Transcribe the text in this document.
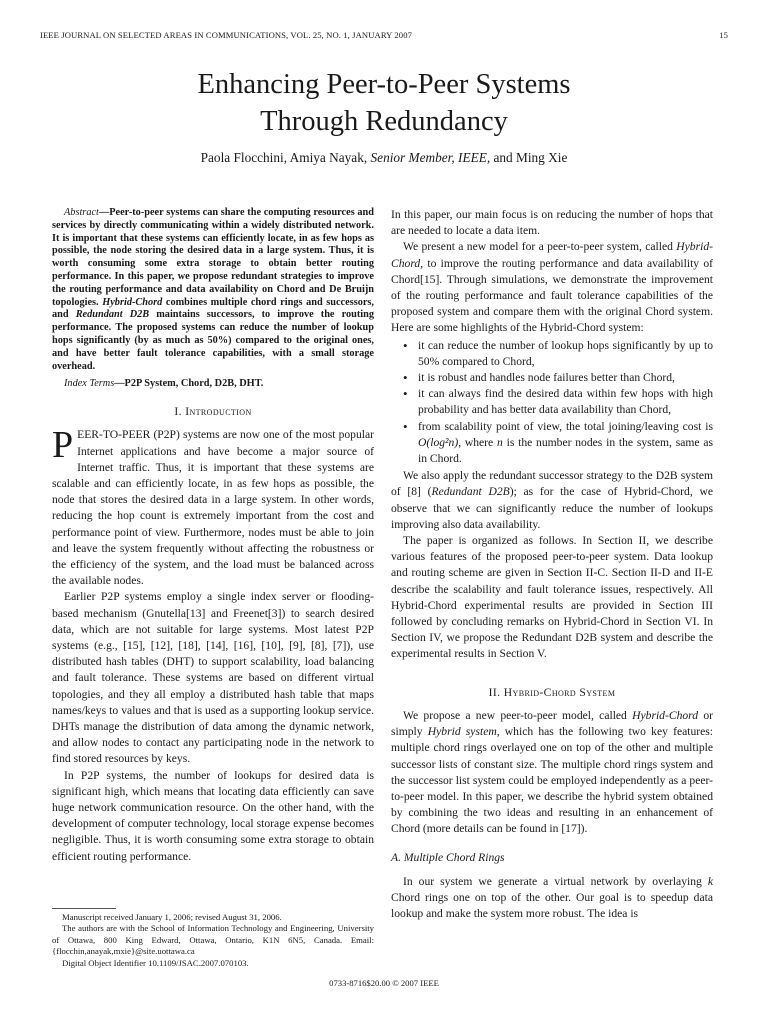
IEEE JOURNAL ON SELECTED AREAS IN COMMUNICATIONS, VOL. 25, NO. 1, JANUARY 2007	15
Enhancing Peer-to-Peer Systems
Through Redundancy
Paola Flocchini, Amiya Nayak, Senior Member, IEEE, and Ming Xie

Abstract—Peer-to-peer systems can share the computing resources and services by directly communicating within a widely distributed network. It is important that these systems can efficiently locate, in as few hops as possible, the node storing the desired data in a large system. Thus, it is worth consuming some extra storage to obtain better routing performance. In this paper, we propose redundant strategies to improve the routing performance and data availability on Chord and De Bruijn topologies. Hybrid-Chord combines multiple chord rings and successors, and Redundant D2B maintains successors, to improve the routing performance. The proposed systems can reduce the number of lookup hops significantly (by as much as 50%) compared to the original ones, and have better fault tolerance capabilities, with a small storage overhead.

Index Terms—P2P System, Chord, D2B, DHT.

I. Introduction

PEER-TO-PEER (P2P) systems are now one of the most popular Internet applications and have become a major source of Internet traffic. Thus, it is important that these systems are scalable and can efficiently locate, in as few hops as possible, the node that stores the desired data in a large system. In other words, reducing the hop count is extremely important from the cost and performance point of view. Furthermore, nodes must be able to join and leave the system frequently without affecting the robustness or the efficiency of the system, and the load must be balanced across the available nodes.

Earlier P2P systems employ a single index server or flooding-based mechanism (Gnutella[13] and Freenet[3]) to search desired data, which are not suitable for large systems. Most latest P2P systems (e.g., [15], [12], [18], [14], [16], [10], [9], [8], [7]), use distributed hash tables (DHT) to support scalability, load balancing and fault tolerance. These systems are based on different virtual topologies, and they all employ a distributed hash table that maps names/keys to values and that is used as a supporting lookup service. DHTs manage the distribution of data among the dynamic network, and allow nodes to contact any participating node in the network to find stored resources by keys.

In P2P systems, the number of lookups for desired data is significant high, which means that locating data efficiently can save huge network communication resource. On the other hand, with the development of computer technology, local storage expense becomes negligible. Thus, it is worth consuming some extra storage to obtain efficient routing performance.

Manuscript received January 1, 2006; revised August 31, 2006.

The authors are with the School of Information Technology and Engineering, University of Ottawa, 800 King Edward, Ottawa, Ontario, K1N 6N5, Canada. Email: {flocchin,anayak,mxie}@site.uottawa.ca

Digital Object Identifier 10.1109/JSAC.2007.070103.

In this paper, our main focus is on reducing the number of hops that are needed to locate a data item.

We present a new model for a peer-to-peer system, called Hybrid-Chord, to improve the routing performance and data availability of Chord[15]. Through simulations, we demonstrate the improvement of the routing performance and fault tolerance capabilities of the proposed system and compare them with the original Chord system. Here are some highlights of the Hybrid-Chord system:

• it can reduce the number of lookup hops significantly by up to 50% compared to Chord,
• it is robust and handles node failures better than Chord,
• it can always find the desired data within few hops with high probability and has better data availability than Chord,
• from scalability point of view, the total joining/leaving cost is O(log²n), where n is the number nodes in the system, same as in Chord.

We also apply the redundant successor strategy to the D2B system of [8] (Redundant D2B); as for the case of Hybrid-Chord, we observe that we can significantly reduce the number of lookups improving also data availability.

The paper is organized as follows. In Section II, we describe various features of the proposed peer-to-peer system. Data lookup and routing scheme are given in Section II-C. Section II-D and II-E describe the scalability and fault tolerance issues, respectively. All Hybrid-Chord experimental results are provided in Section III followed by concluding remarks on Hybrid-Chord in Section VI. In Section IV, we propose the Redundant D2B system and describe the experimental results in Section V.

II. Hybrid-Chord System

We propose a new peer-to-peer model, called Hybrid-Chord or simply Hybrid system, which has the following two key features: multiple chord rings overlayed one on top of the other and multiple successor lists of constant size. The multiple chord rings system and the successor list system could be employed independently as a peer-to-peer model. In this paper, we describe the hybrid system obtained by combining the two ideas and resulting in an enhancement of Chord (more details can be found in [17]).

A. Multiple Chord Rings

In our system we generate a virtual network by overlaying k Chord rings one on top of the other. Our goal is to speedup data lookup and make the system more robust. The idea is

0733-8716$20.00 © 2007 IEEE
